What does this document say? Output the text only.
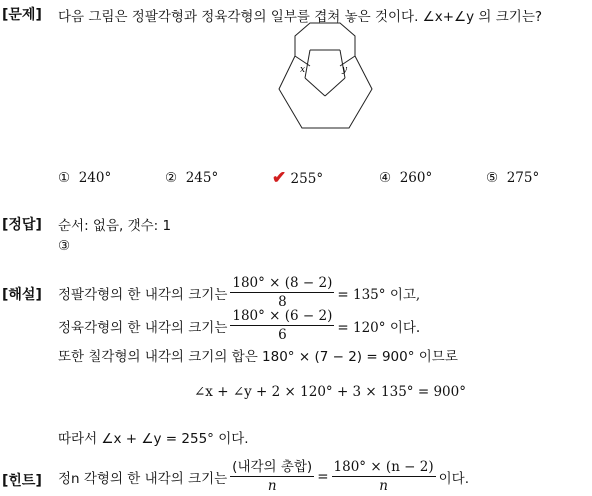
[문제] 다음 그림은 정팔각형과 정육각형의 일부를 겹쳐 놓은 것이다. ∠x+∠y 의 크기는?
x	y
① 240°	② 245°	✔ 255°	④ 260°	⑤ 275°
[정답] 순서: 없음, 갯수: 1
③
[해설] 정팔각형의 한 내각의 크기는 $\frac{180^\circ \times (8 - 2)}{8} = 135^\circ$ 이고,
정육각형의 한 내각의 크기는 $\frac{180^\circ \times (6 - 2)}{6} = 120^\circ$ 이다.
또한 칠각형의 내각의 크기의 합은 180° × (7 − 2) = 900° 이므로
∠x + ∠y + 2 × 120° + 3 × 135° = 900°
따라서 ∠x + ∠y = 255° 이다.
[힌트] 정n 각형의 한 내각의 크기는 $\frac{\text{(내각의 총합)}}{n} = \frac{180^\circ \times (n - 2)}{n}$ 이다.
